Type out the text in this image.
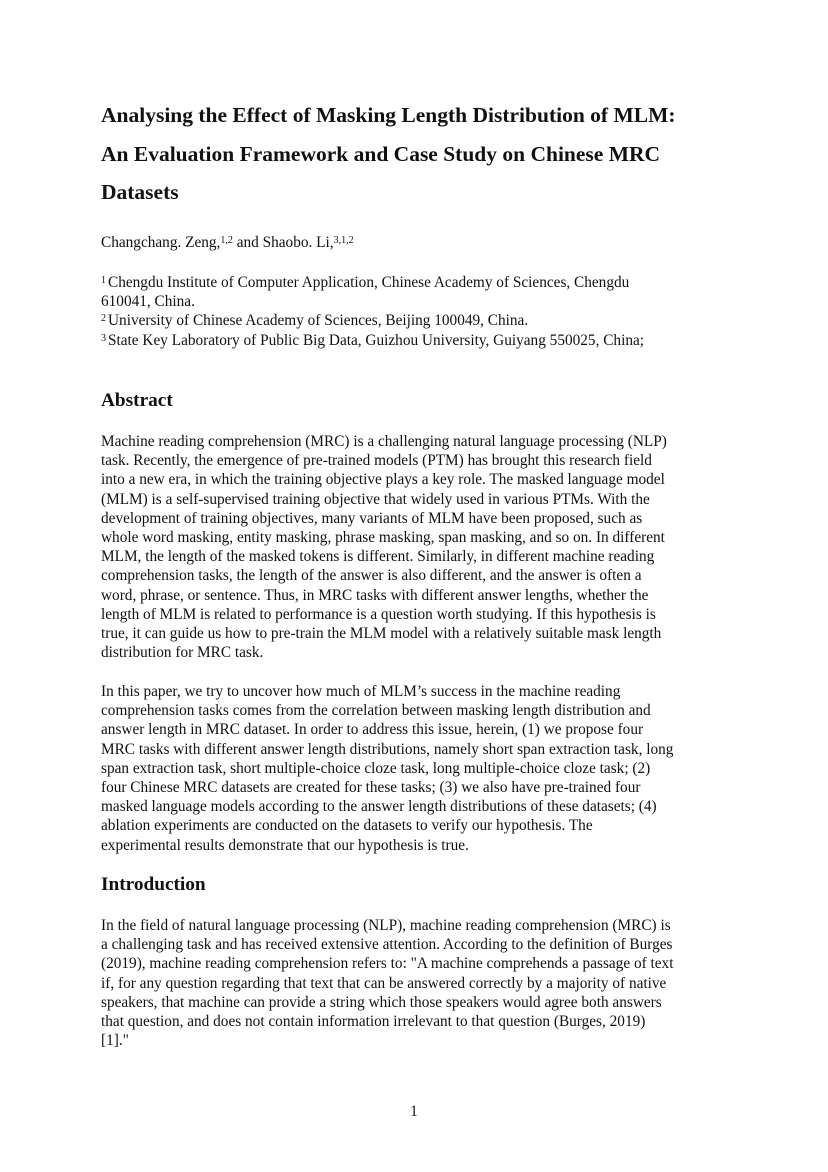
Analysing the Effect of Masking Length Distribution of MLM:
An Evaluation Framework and Case Study on Chinese MRC
Datasets
Changchang. Zeng,$^{1,2}$ and Shaobo. Li,$^{3,1,2}$
$^1$ Chengdu Institute of Computer Application, Chinese Academy of Sciences, Chengdu
610041, China.
$^2$ University of Chinese Academy of Sciences, Beijing 100049, China.
$^3$ State Key Laboratory of Public Big Data, Guizhou University, Guiyang 550025, China;
Abstract

Machine reading comprehension (MRC) is a challenging natural language processing (NLP)
task. Recently, the emergence of pre-trained models (PTM) has brought this research field
into a new era, in which the training objective plays a key role. The masked language model
(MLM) is a self-supervised training objective that widely used in various PTMs. With the
development of training objectives, many variants of MLM have been proposed, such as
whole word masking, entity masking, phrase masking, span masking, and so on. In different
MLM, the length of the masked tokens is different. Similarly, in different machine reading
comprehension tasks, the length of the answer is also different, and the answer is often a
word, phrase, or sentence. Thus, in MRC tasks with different answer lengths, whether the
length of MLM is related to performance is a question worth studying. If this hypothesis is
true, it can guide us how to pre-train the MLM model with a relatively suitable mask length
distribution for MRC task.

In this paper, we try to uncover how much of MLM’s success in the machine reading
comprehension tasks comes from the correlation between masking length distribution and
answer length in MRC dataset. In order to address this issue, herein, (1) we propose four
MRC tasks with different answer length distributions, namely short span extraction task, long
span extraction task, short multiple-choice cloze task, long multiple-choice cloze task; (2)
four Chinese MRC datasets are created for these tasks; (3) we also have pre-trained four
masked language models according to the answer length distributions of these datasets; (4)
ablation experiments are conducted on the datasets to verify our hypothesis. The
experimental results demonstrate that our hypothesis is true.

Introduction

In the field of natural language processing (NLP), machine reading comprehension (MRC) is
a challenging task and has received extensive attention. According to the definition of Burges
(2019), machine reading comprehension refers to: "A machine comprehends a passage of text
if, for any question regarding that text that can be answered correctly by a majority of native
speakers, that machine can provide a string which those speakers would agree both answers
that question, and does not contain information irrelevant to that question (Burges, 2019)
[1]."

1
